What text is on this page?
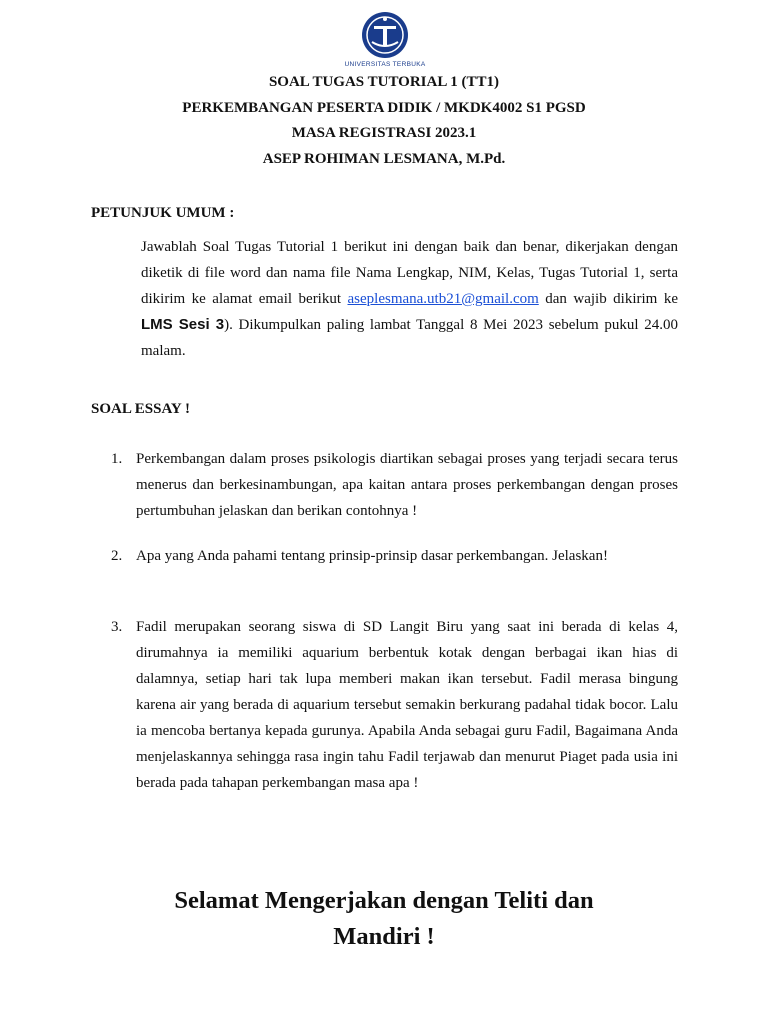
UNIVERSITAS TERBUKA
SOAL TUGAS TUTORIAL 1 (TT1)
PERKEMBANGAN PESERTA DIDIK / MKDK4002 S1 PGSD
MASA REGISTRASI 2023.1
ASEP ROHIMAN LESMANA, M.Pd.
PETUNJUK UMUM :
Jawablah Soal Tugas Tutorial 1 berikut ini dengan baik dan benar, dikerjakan dengan diketik di file word dan nama file Nama Lengkap, NIM, Kelas, Tugas Tutorial 1, serta dikirim ke alamat email berikut aseplesmana.utb21@gmail.com dan wajib dikirim ke LMS Sesi 3). Dikumpulkan paling lambat Tanggal 8 Mei 2023 sebelum pukul 24.00 malam.
SOAL ESSAY !
1. Perkembangan dalam proses psikologis diartikan sebagai proses yang terjadi secara terus menerus dan berkesinambungan, apa kaitan antara proses perkembangan dengan proses pertumbuhan jelaskan dan berikan contohnya !
2. Apa yang Anda pahami tentang prinsip-prinsip dasar perkembangan. Jelaskan!
3. Fadil merupakan seorang siswa di SD Langit Biru yang saat ini berada di kelas 4, dirumahnya ia memiliki aquarium berbentuk kotak dengan berbagai ikan hias di dalamnya, setiap hari tak lupa memberi makan ikan tersebut. Fadil merasa bingung karena air yang berada di aquarium tersebut semakin berkurang padahal tidak bocor. Lalu ia mencoba bertanya kepada gurunya. Apabila Anda sebagai guru Fadil, Bagaimana Anda menjelaskannya sehingga rasa ingin tahu Fadil terjawab dan menurut Piaget pada usia ini berada pada tahapan perkembangan masa apa !
Selamat Mengerjakan dengan Teliti dan
Mandiri !
